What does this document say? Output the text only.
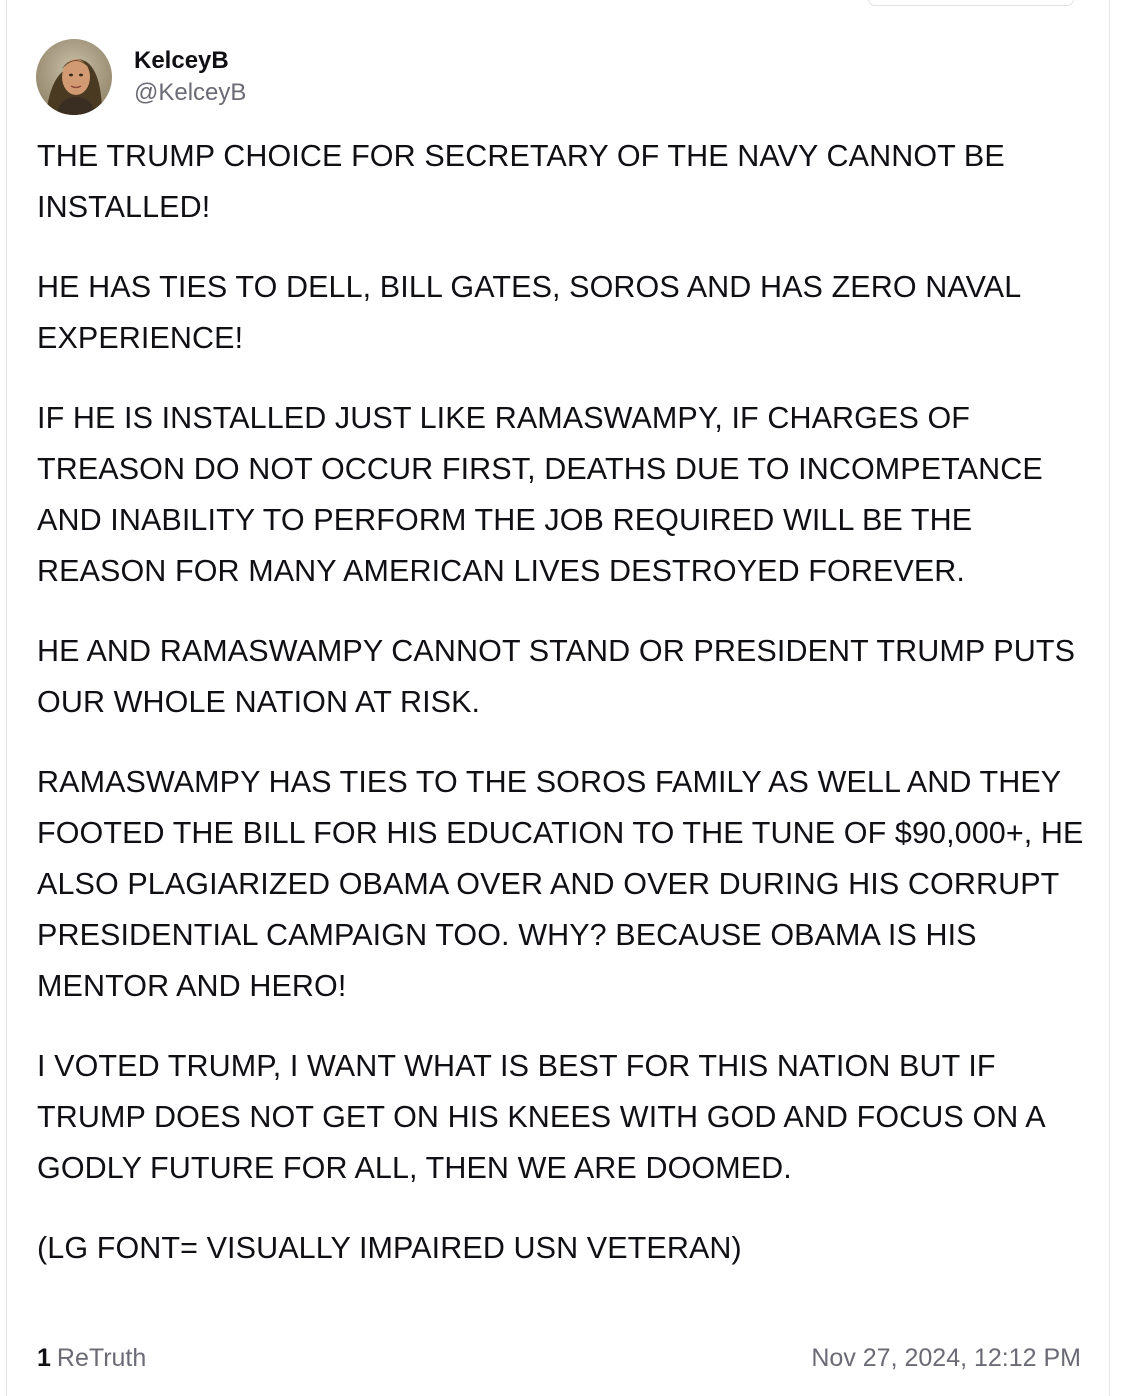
KelceyB
@KelceyB

THE TRUMP CHOICE FOR SECRETARY OF THE NAVY CANNOT BE INSTALLED!

HE HAS TIES TO DELL, BILL GATES, SOROS AND HAS ZERO NAVAL EXPERIENCE!

IF HE IS INSTALLED JUST LIKE RAMASWAMPY, IF CHARGES OF TREASON DO NOT OCCUR FIRST, DEATHS DUE TO INCOMPETANCE AND INABILITY TO PERFORM THE JOB REQUIRED WILL BE THE REASON FOR MANY AMERICAN LIVES DESTROYED FOREVER.

HE AND RAMASWAMPY CANNOT STAND OR PRESIDENT TRUMP PUTS OUR WHOLE NATION AT RISK.

RAMASWAMPY HAS TIES TO THE SOROS FAMILY AS WELL AND THEY FOOTED THE BILL FOR HIS EDUCATION TO THE TUNE OF $90,000+, HE ALSO PLAGIARIZED OBAMA OVER AND OVER DURING HIS CORRUPT PRESIDENTIAL CAMPAIGN TOO. WHY? BECAUSE OBAMA IS HIS MENTOR AND HERO!

I VOTED TRUMP, I WANT WHAT IS BEST FOR THIS NATION BUT IF TRUMP DOES NOT GET ON HIS KNEES WITH GOD AND FOCUS ON A GODLY FUTURE FOR ALL, THEN WE ARE DOOMED.

(LG FONT= VISUALLY IMPAIRED USN VETERAN)

1 ReTruth	Nov 27, 2024, 12:12 PM
